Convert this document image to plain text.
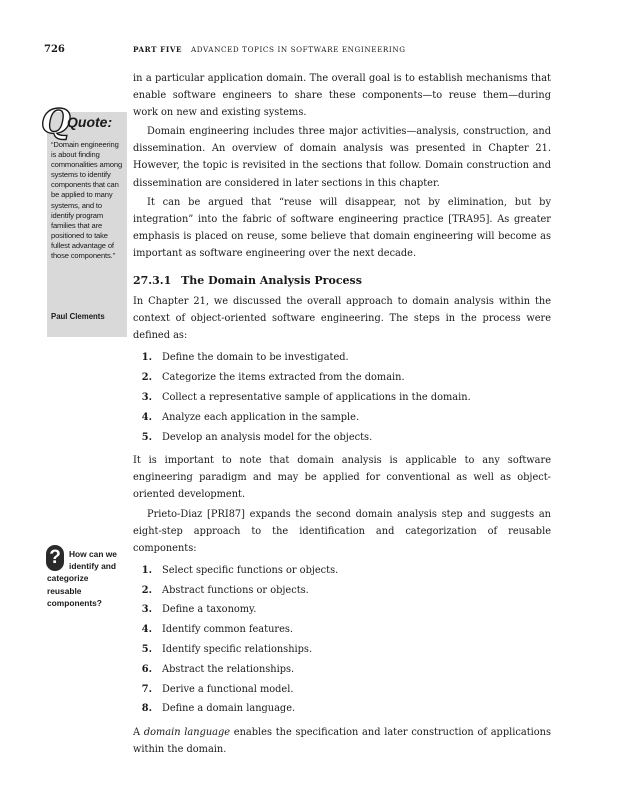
726	PART FIVE ADVANCED TOPICS IN SOFTWARE ENGINEERING
Q
Quote:
“Domain engineering is about finding commonalities among systems to identify components that can be applied to many systems, and to identify program families that are positioned to take fullest advantage of those components.”
Paul Clements
? How can we
identify and
categorize
reusable
components?

in a particular application domain. The overall goal is to establish mechanisms that enable software engineers to share these components—to reuse them—during work on new and existing systems.

Domain engineering includes three major activities—analysis, construction, and dissemination. An overview of domain analysis was presented in Chapter 21. However, the topic is revisited in the sections that follow. Domain construction and dissemination are considered in later sections in this chapter.

It can be argued that “reuse will disappear, not by elimination, but by integration” into the fabric of software engineering practice [TRA95]. As greater emphasis is placed on reuse, some believe that domain engineering will become as important as software engineering over the next decade.

27.3.1 The Domain Analysis Process

In Chapter 21, we discussed the overall approach to domain analysis within the context of object-oriented software engineering. The steps in the process were defined as:

1. Define the domain to be investigated.
2. Categorize the items extracted from the domain.
3. Collect a representative sample of applications in the domain.
4. Analyze each application in the sample.
5. Develop an analysis model for the objects.

It is important to note that domain analysis is applicable to any software engineering paradigm and may be applied for conventional as well as object-oriented development.

Prieto-Diaz [PRI87] expands the second domain analysis step and suggests an eight-step approach to the identification and categorization of reusable components:

1. Select specific functions or objects.
2. Abstract functions or objects.
3. Define a taxonomy.
4. Identify common features.
5. Identify specific relationships.
6. Abstract the relationships.
7. Derive a functional model.
8. Define a domain language.

A domain language enables the specification and later construction of applications within the domain.
